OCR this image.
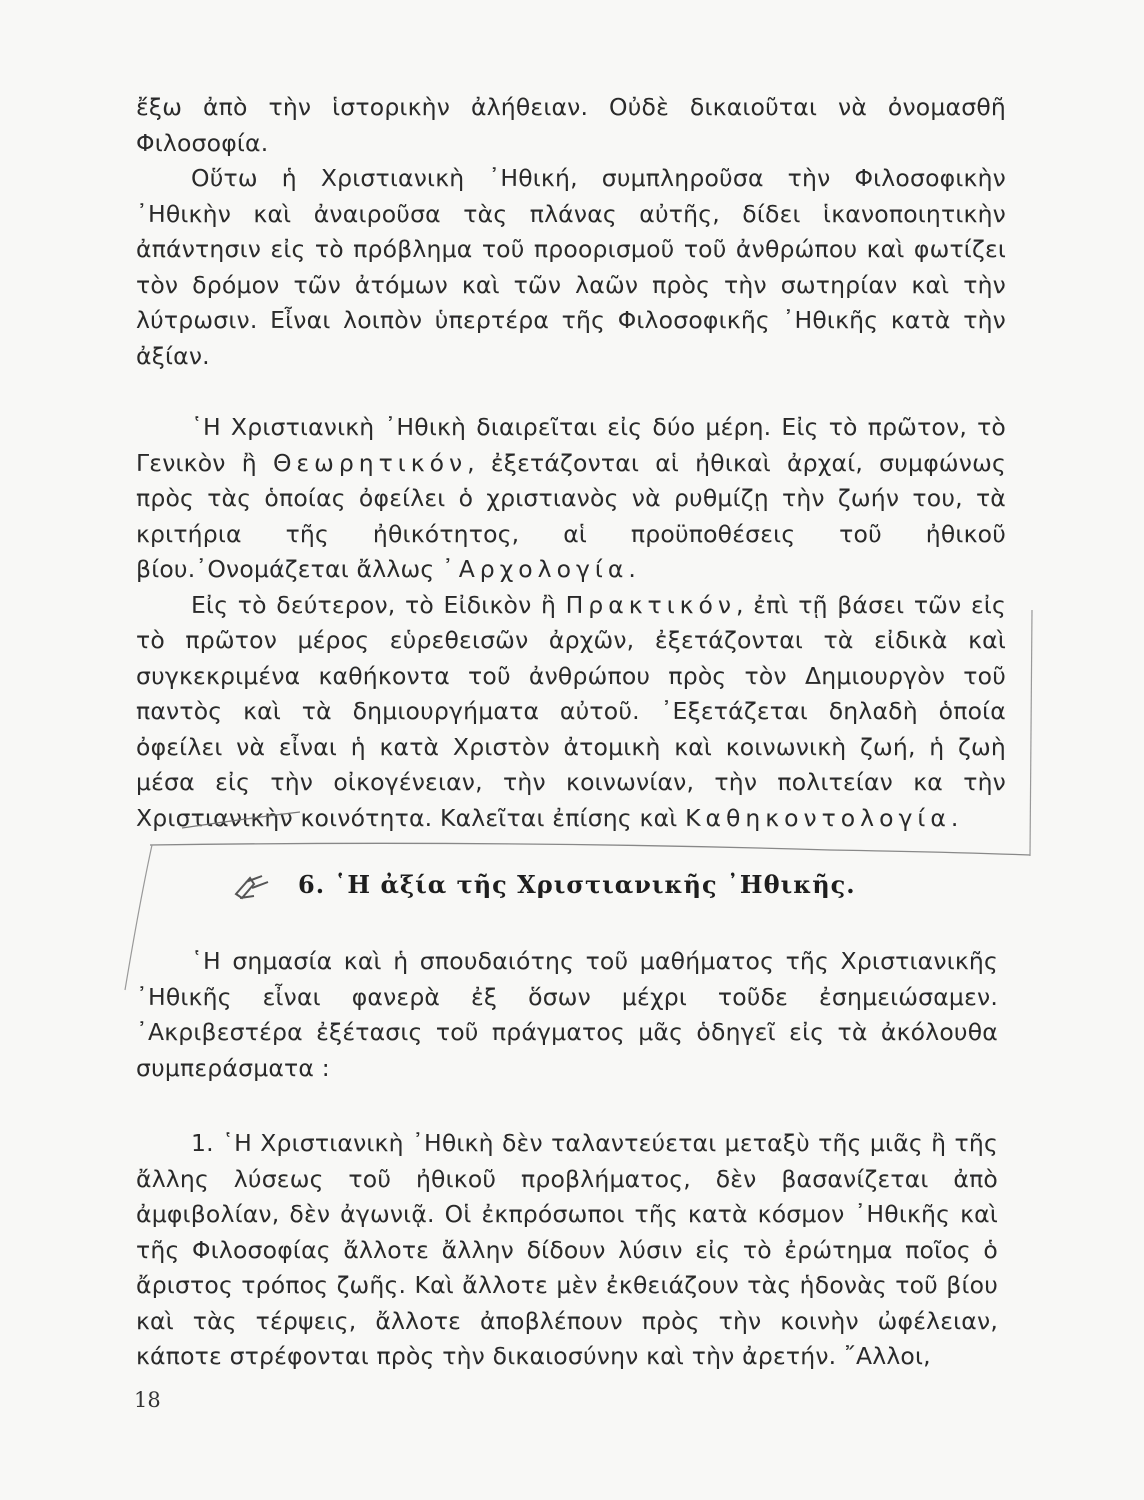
ἔξω ἀπὸ τὴν ἱστορικὴν ἀλήθειαν. Οὐδὲ δικαιοῦται νὰ ὀνομασθῆ Φιλοσοφία.

Οὕτω ἡ Χριστιανικὴ ᾿Ηθική, συμπληροῦσα τὴν Φιλοσοφικὴν ᾿Ηθικὴν καὶ ἀναιροῦσα τὰς πλάνας αὐτῆς, δίδει ἱκανοποιητικὴν ἀπάντησιν εἰς τὸ πρόβλημα τοῦ προορισμοῦ τοῦ ἀνθρώπου καὶ φωτίζει τὸν δρόμον τῶν ἀτόμων καὶ τῶν λαῶν πρὸς τὴν σωτηρίαν καὶ τὴν λύτρωσιν. Εἶναι λοιπὸν ὑπερτέρα τῆς Φιλοσοφικῆς ᾿Ηθικῆς κατὰ τὴν ἀξίαν.

῾Η Χριστιανικὴ ᾿Ηθικὴ διαιρεῖται εἰς δύο μέρη. Εἰς τὸ πρῶτον, τὸ Γενικὸν ἢ Θεωρητικόν, ἐξετάζονται αἱ ἠθικαὶ ἀρχαί, συμφώνως πρὸς τὰς ὁποίας ὀφείλει ὁ χριστιανὸς νὰ ρυθμίζῃ τὴν ζωήν του, τὰ κριτήρια τῆς ἠθικότητος, αἱ προϋποθέσεις τοῦ ἠθικοῦ βίου.᾿Ονομάζεται ἄλλως ᾿Αρχολογία.

Εἰς τὸ δεύτερον, τὸ Εἰδικὸν ἢ Πρακτικόν, ἐπὶ τῇ βάσει τῶν εἰς τὸ πρῶτον μέρος εὑρεθεισῶν ἀρχῶν, ἐξετάζονται τὰ εἰδικὰ καὶ συγκεκριμένα καθήκοντα τοῦ ἀνθρώπου πρὸς τὸν Δημιουργὸν τοῦ παντὸς καὶ τὰ δημιουργήματα αὐτοῦ. ᾿Εξετάζεται δηλαδὴ ὁποία ὀφείλει νὰ εἶναι ἡ κατὰ Χριστὸν ἀτομικὴ καὶ κοινωνικὴ ζωή, ἡ ζωὴ μέσα εἰς τὴν οἰκογένειαν, τὴν κοινωνίαν, τὴν πολιτείαν κα τὴν Χριστιανικὴν κοινότητα. Καλεῖται ἐπίσης καὶ Καθηκοντολογία.

6. ῾Η ἀξία τῆς Χριστιανικῆς ᾿Ηθικῆς.

῾Η σημασία καὶ ἡ σπουδαιότης τοῦ μαθήματος τῆς Χριστιανικῆς ᾿Ηθικῆς εἶναι φανερὰ ἐξ ὅσων μέχρι τοῦδε ἐσημειώσαμεν. ᾿Ακριβεστέρα ἐξέτασις τοῦ πράγματος μᾶς ὁδηγεῖ εἰς τὰ ἀκόλουθα συμπεράσματα :

1. ῾Η Χριστιανικὴ ᾿Ηθικὴ δὲν ταλαντεύεται μεταξὺ τῆς μιᾶς ἢ τῆς ἄλλης λύσεως τοῦ ἠθικοῦ προβλήματος, δὲν βασανίζεται ἀπὸ ἀμφιβολίαν, δὲν ἀγωνιᾷ. Οἱ ἐκπρόσωποι τῆς κατὰ κόσμον ᾿Ηθικῆς καὶ τῆς Φιλοσοφίας ἄλλοτε ἄλλην δίδουν λύσιν εἰς τὸ ἐρώτημα ποῖος ὁ ἄριστος τρόπος ζωῆς. Καὶ ἄλλοτε μὲν ἐκθειάζουν τὰς ἡδονὰς τοῦ βίου καὶ τὰς τέρψεις, ἄλλοτε ἀποβλέπουν πρὸς τὴν κοινὴν ὠφέλειαν, κάποτε στρέφονται πρὸς τὴν δικαιοσύνην καὶ τὴν ἀρετήν. ῎Αλλοι,

18
